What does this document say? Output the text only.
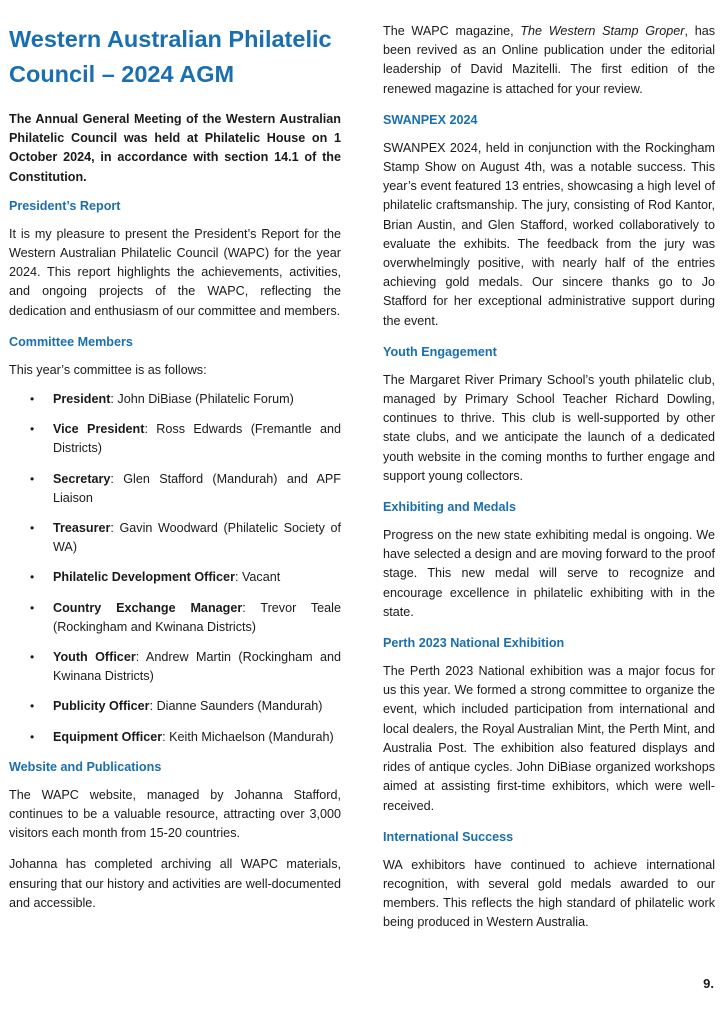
Western Australian Philatelic Council – 2024 AGM

The Annual General Meeting of the Western Australian Philatelic Council was held at Philatelic House on 1 October 2024, in accordance with section 14.1 of the Constitution.

President’s Report

It is my pleasure to present the President’s Report for the Western Australian Philatelic Council (WAPC) for the year 2024. This report highlights the achievements, activities, and ongoing projects of the WAPC, reflecting the dedication and enthusiasm of our committee and members.

Committee Members

This year’s committee is as follows:

• President: John DiBiase (Philatelic Forum)
• Vice President: Ross Edwards (Fremantle and Districts)
• Secretary: Glen Stafford (Mandurah) and APF Liaison
• Treasurer: Gavin Woodward (Philatelic Society of WA)
• Philatelic Development Officer: Vacant
• Country Exchange Manager: Trevor Teale (Rockingham and Kwinana Districts)
• Youth Officer: Andrew Martin (Rockingham and Kwinana Districts)
• Publicity Officer: Dianne Saunders (Mandurah)
• Equipment Officer: Keith Michaelson (Mandurah)
Website and Publications

The WAPC website, managed by Johanna Stafford, continues to be a valuable resource, attracting over 3,000 visitors each month from 15-20 countries.

Johanna has completed archiving all WAPC materials, ensuring that our history and activities are well-documented and accessible.

The WAPC magazine, The Western Stamp Groper, has been revived as an Online publication under the editorial leadership of David Mazitelli. The first edition of the renewed magazine is attached for your review.

SWANPEX 2024

SWANPEX 2024, held in conjunction with the Rockingham Stamp Show on August 4th, was a notable success. This year’s event featured 13 entries, showcasing a high level of philatelic craftsmanship. The jury, consisting of Rod Kantor, Brian Austin, and Glen Stafford, worked collaboratively to evaluate the exhibits. The feedback from the jury was overwhelmingly positive, with nearly half of the entries achieving gold medals. Our sincere thanks go to Jo Stafford for her exceptional administrative support during the event.

Youth Engagement

The Margaret River Primary School’s youth philatelic club, managed by Primary School Teacher Richard Dowling, continues to thrive. This club is well-supported by other state clubs, and we anticipate the launch of a dedicated youth website in the coming months to further engage and support young collectors.

Exhibiting and Medals

Progress on the new state exhibiting medal is ongoing. We have selected a design and are moving forward to the proof stage. This new medal will serve to recognize and encourage excellence in philatelic exhibiting with in the state.

Perth 2023 National Exhibition

The Perth 2023 National exhibition was a major focus for us this year. We formed a strong committee to organize the event, which included participation from international and local dealers, the Royal Australian Mint, the Perth Mint, and Australia Post. The exhibition also featured displays and rides of antique cycles. John DiBiase organized workshops aimed at assisting first-time exhibitors, which were well-received.

International Success

WA exhibitors have continued to achieve international recognition, with several gold medals awarded to our members. This reflects the high standard of philatelic work being produced in Western Australia.

9.
